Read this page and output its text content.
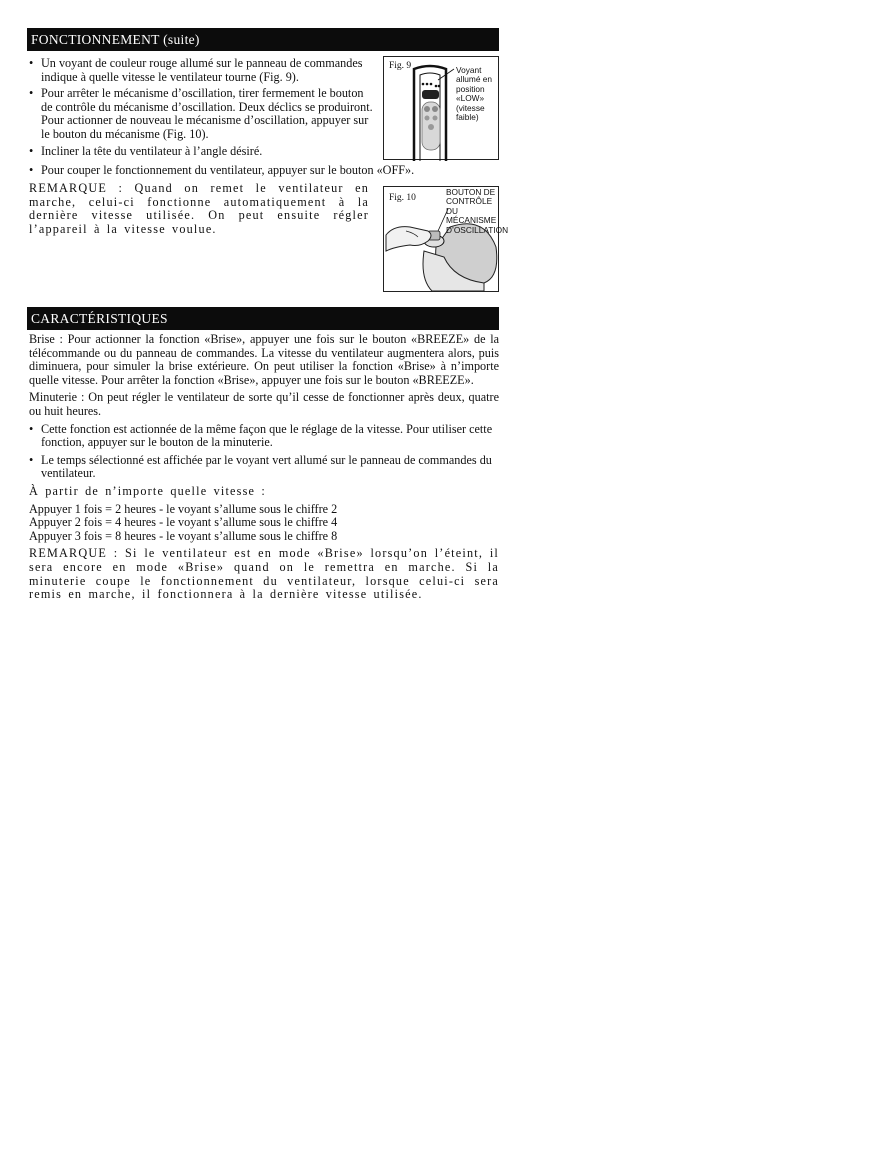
FONCTIONNEMENT (suite)

• Un voyant de couleur rouge allumé sur le panneau de commandes indique à quelle vitesse le ventilateur tourne (Fig. 9).

• Pour arrêter le mécanisme d’oscillation, tirer fermement le bouton de contrôle du mécanisme d’oscillation. Deux déclics se produiront. Pour actionner de nouveau le mécanisme d’oscillation, appuyer sur le bouton du mécanisme (Fig. 10).

• Incliner la tête du ventilateur à l’angle désiré.

• Pour couper le fonctionnement du ventilateur, appuyer sur le bouton «OFF».

REMARQUE : Quand on remet le ventilateur en marche, celui-ci fonctionne automatiquement à la dernière vitesse utilisée. On peut ensuite régler l’appareil à la vitesse voulue.
Fig. 9	Voyant allumé en position «LOW» (vitesse faible)
Fig. 10
BOUTON DE CONTRÔLE DU MÉCANISME D’OSCILLATION
CARACTÉRISTIQUES

Brise : Pour actionner la fonction «Brise», appuyer une fois sur le bouton «BREEZE» de la télécommande ou du panneau de commandes. La vitesse du ventilateur augmentera alors, puis diminuera, pour simuler la brise extérieure. On peut utiliser la fonction «Brise» à n’importe quelle vitesse. Pour arrêter la fonction «Brise», appuyer une fois sur le bouton «BREEZE».

Minuterie : On peut régler le ventilateur de sorte qu’il cesse de fonctionner après deux, quatre ou huit heures.

• Cette fonction est actionnée de la même façon que le réglage de la vitesse. Pour utiliser cette fonction, appuyer sur le bouton de la minuterie.

• Le temps sélectionné est affichée par le voyant vert allumé sur le panneau de commandes du ventilateur.

À partir de n’importe quelle vitesse :

Appuyer 1 fois = 2 heures - le voyant s’allume sous le chiffre 2

Appuyer 2 fois = 4 heures - le voyant s’allume sous le chiffre 4

Appuyer 3 fois = 8 heures - le voyant s’allume sous le chiffre 8

REMARQUE : Si le ventilateur est en mode «Brise» lorsqu’on l’éteint, il sera encore en mode «Brise» quand on le remettra en marche. Si la minuterie coupe le fonctionnement du ventilateur, lorsque celui-ci sera remis en marche, il fonctionnera à la dernière vitesse utilisée.
